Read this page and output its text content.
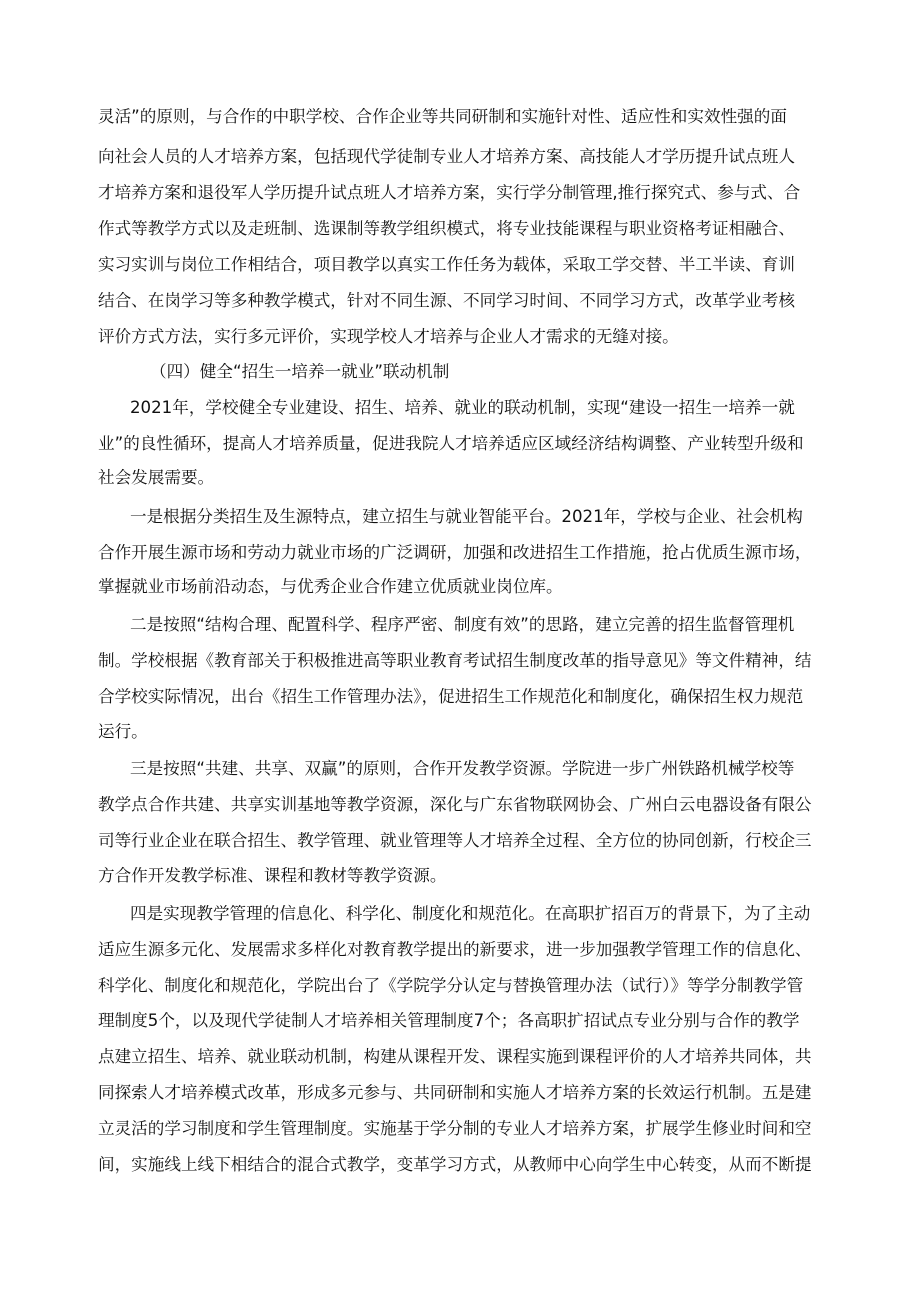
灵活”的原则，与合作的中职学校、合作企业等共同研制和实施针对性、适应性和实效性强的面
向社会人员的人才培养方案，包括现代学徒制专业人才培养方案、高技能人才学历提升试点班人
才培养方案和退役军人学历提升试点班人才培养方案，实行学分制管理,推行探究式、参与式、合
作式等教学方式以及走班制、选课制等教学组织模式，将专业技能课程与职业资格考证相融合、
实习实训与岗位工作相结合，项目教学以真实工作任务为载体，采取工学交替、半工半读、育训
结合、在岗学习等多种教学模式，针对不同生源、不同学习时间、不同学习方式，改革学业考核
评价方式方法，实行多元评价，实现学校人才培养与企业人才需求的无缝对接。
（四）健全“招生一培养一就业”联动机制
2021年，学校健全专业建设、招生、培养、就业的联动机制，实现“建设一招生一培养一就
业”的良性循环，提高人才培养质量，促进我院人才培养适应区域经济结构调整、产业转型升级和
社会发展需要。
一是根据分类招生及生源特点，建立招生与就业智能平台。2021年，学校与企业、社会机构
合作开展生源市场和劳动力就业市场的广泛调研，加强和改进招生工作措施，抢占优质生源市场，
掌握就业市场前沿动态，与优秀企业合作建立优质就业岗位库。
二是按照“结构合理、配置科学、程序严密、制度有效”的思路，建立完善的招生监督管理机
制。学校根据《教育部关于积极推进高等职业教育考试招生制度改革的指导意见》等文件精神，结
合学校实际情况，出台《招生工作管理办法》，促进招生工作规范化和制度化，确保招生权力规范
运行。
三是按照“共建、共享、双赢”的原则，合作开发教学资源。学院进一步广州铁路机械学校等
教学点合作共建、共享实训基地等教学资源，深化与广东省物联网协会、广州白云电器设备有限公
司等行业企业在联合招生、教学管理、就业管理等人才培养全过程、全方位的协同创新，行校企三
方合作开发教学标准、课程和教材等教学资源。
四是实现教学管理的信息化、科学化、制度化和规范化。在高职扩招百万的背景下，为了主动
适应生源多元化、发展需求多样化对教育教学提出的新要求，进一步加强教学管理工作的信息化、
科学化、制度化和规范化，学院出台了《学院学分认定与替换管理办法（试行）》等学分制教学管
理制度5个，以及现代学徒制人才培养相关管理制度7个；各高职扩招试点专业分别与合作的教学
点建立招生、培养、就业联动机制，构建从课程开发、课程实施到课程评价的人才培养共同体，共
同探索人才培养模式改革，形成多元参与、共同研制和实施人才培养方案的长效运行机制。五是建
立灵活的学习制度和学生管理制度。实施基于学分制的专业人才培养方案，扩展学生修业时间和空
间，实施线上线下相结合的混合式教学，变革学习方式，从教师中心向学生中心转变，从而不断提
